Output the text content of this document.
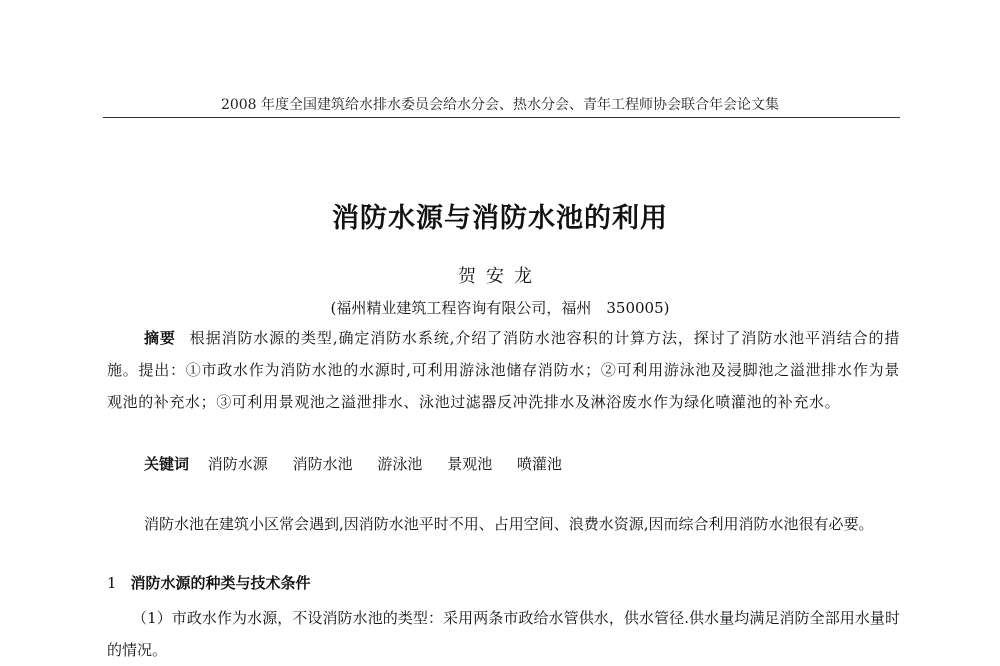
2008 年度全国建筑给水排水委员会给水分会、热水分会、青年工程师协会联合年会论文集
消防水源与消防水池的利用
贺安龙
(福州精业建筑工程咨询有限公司，福州　350005)
摘要 根据消防水源的类型,确定消防水系统,介绍了消防水池容积的计算方法，探讨了消防水池平消结合的措施。提出：①市政水作为消防水池的水源时,可利用游泳池储存消防水；②可利用游泳池及浸脚池之溢泄排水作为景观池的补充水；③可利用景观池之溢泄排水、泳池过滤器反冲洗排水及淋浴废水作为绿化喷灌池的补充水。
关键词 消防水源 消防水池 游泳池 景观池 喷灌池
消防水池在建筑小区常会遇到,因消防水池平时不用、占用空间、浪费水资源,因而综合利用消防水池很有必要。
1 消防水源的种类与技术条件
（1）市政水作为水源，不设消防水池的类型：采用两条市政给水管供水，供水管径.供水量均满足消防全部用水量时的情况。
